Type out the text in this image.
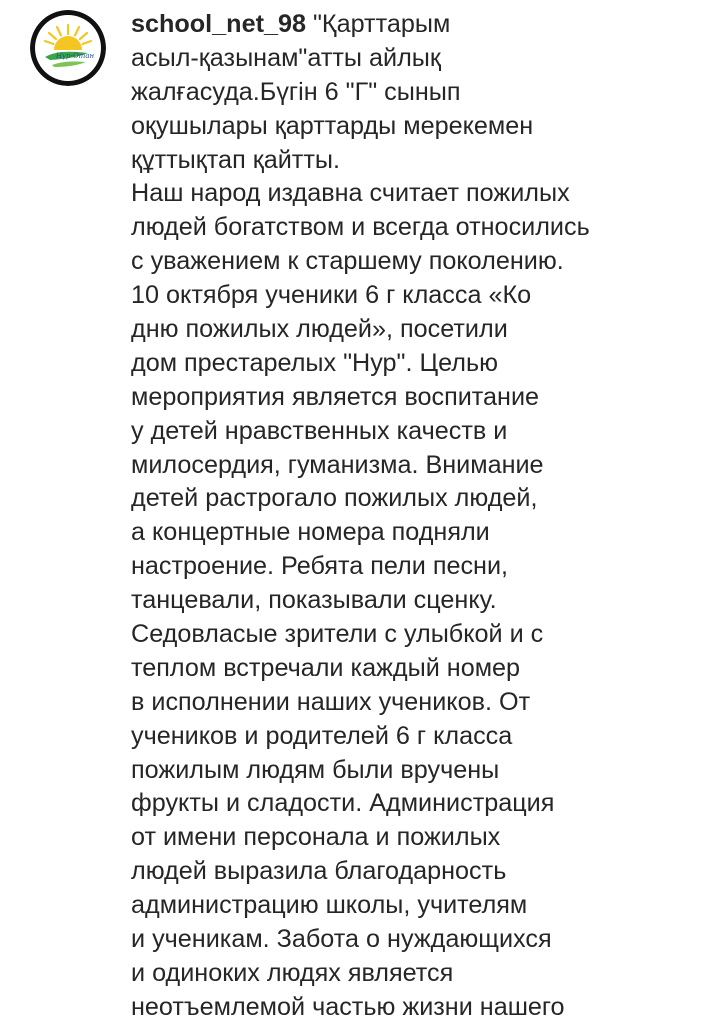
Нұр-Отан
school_net_98 "Қарттарым
асыл-қазынам"атты айлық
жалғасуда.Бүгін 6 "Г" сынып
оқушылары қарттарды мерекемен
құттықтап қайтты.
Наш народ издавна считает пожилых
людей богатством и всегда относились
с уважением к старшему поколению.
10 октября ученики 6 г класса «Ко
дню пожилых людей», посетили
дом престарелых "Нур". Целью
мероприятия является воспитание
у детей нравственных качеств и
милосердия, гуманизма. Внимание
детей растрогало пожилых людей,
а концертные номера подняли
настроение. Ребята пели песни,
танцевали, показывали сценку.
Седовласые зрители с улыбкой и с
теплом встречали каждый номер
в исполнении наших учеников. От
учеников и родителей 6 г класса
пожилым людям были вручены
фрукты и сладости. Администрация
от имени персонала и пожилых
людей выразила благодарность
администрацию школы, учителям
и ученикам. Забота о нуждающихся
и одиноких людях является
неотъемлемой частью жизни нашего
